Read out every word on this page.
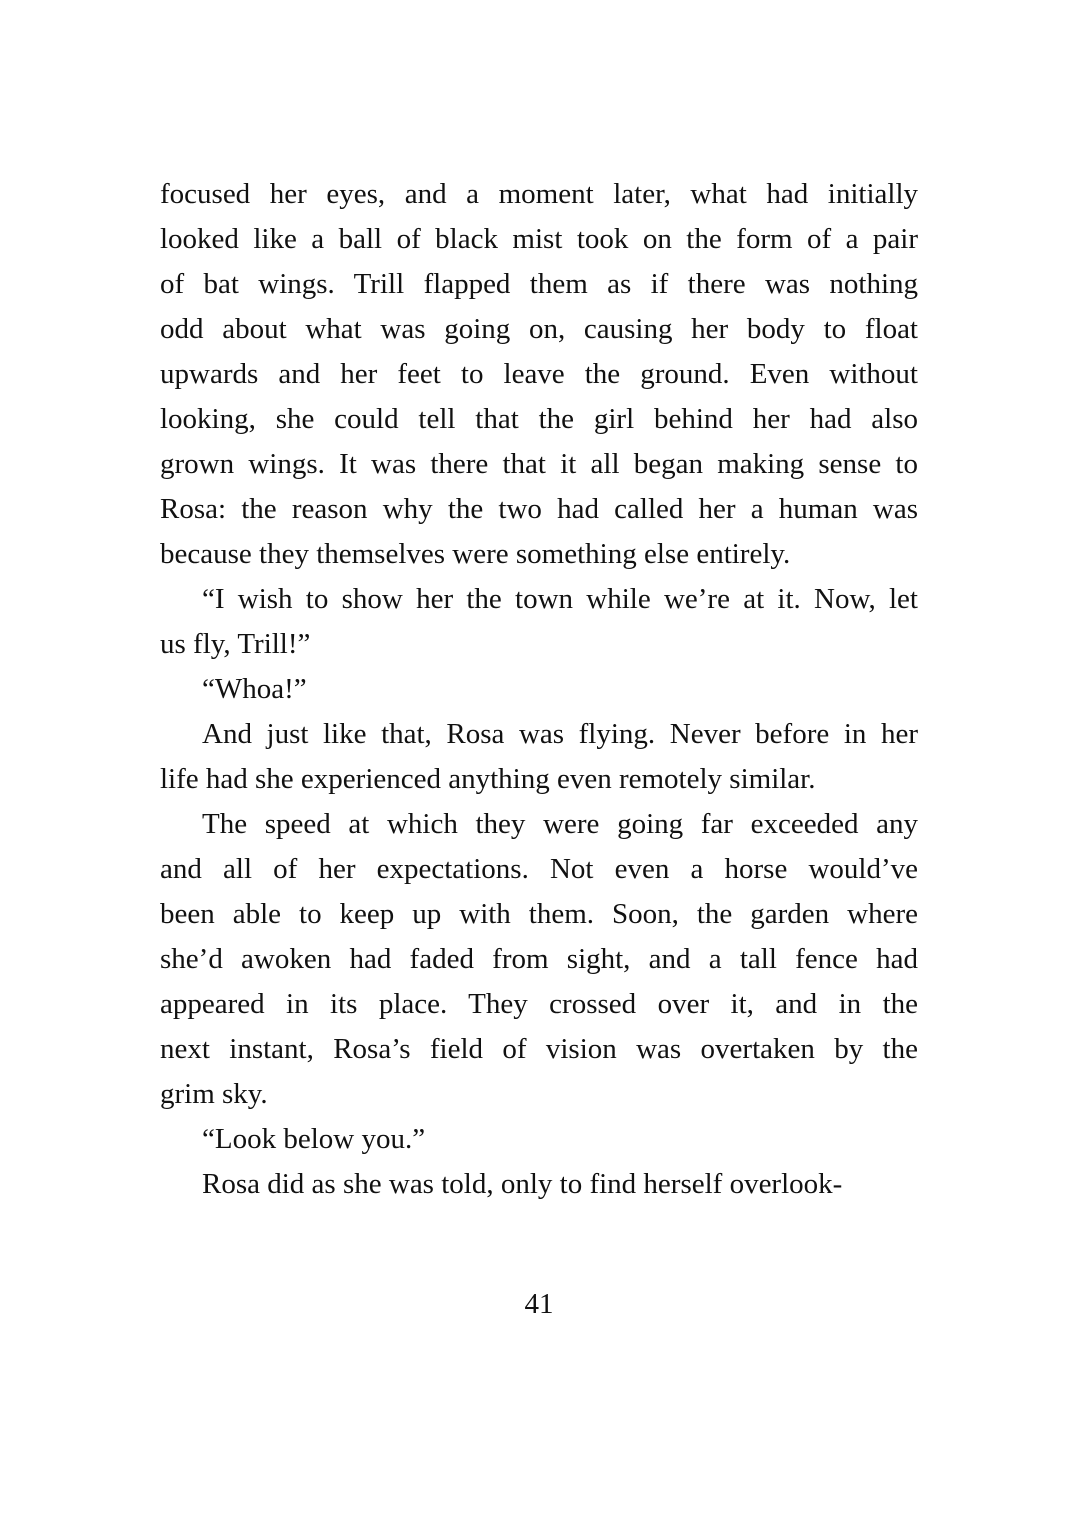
focused her eyes, and a moment later, what had initially
looked like a ball of black mist took on the form of a pair
of bat wings. Trill flapped them as if there was nothing
odd about what was going on, causing her body to float
upwards and her feet to leave the ground. Even without
looking, she could tell that the girl behind her had also
grown wings. It was there that it all began making sense to
Rosa: the reason why the two had called her a human was
because they themselves were something else entirely.
“I wish to show her the town while we’re at it. Now, let
us fly, Trill!”
“Whoa!”
And just like that, Rosa was flying. Never before in her
life had she experienced anything even remotely similar.
The speed at which they were going far exceeded any
and all of her expectations. Not even a horse would’ve
been able to keep up with them. Soon, the garden where
she’d awoken had faded from sight, and a tall fence had
appeared in its place. They crossed over it, and in the
next instant, Rosa’s field of vision was overtaken by the
grim sky.
“Look below you.”
Rosa did as she was told, only to find herself overlook-
41
